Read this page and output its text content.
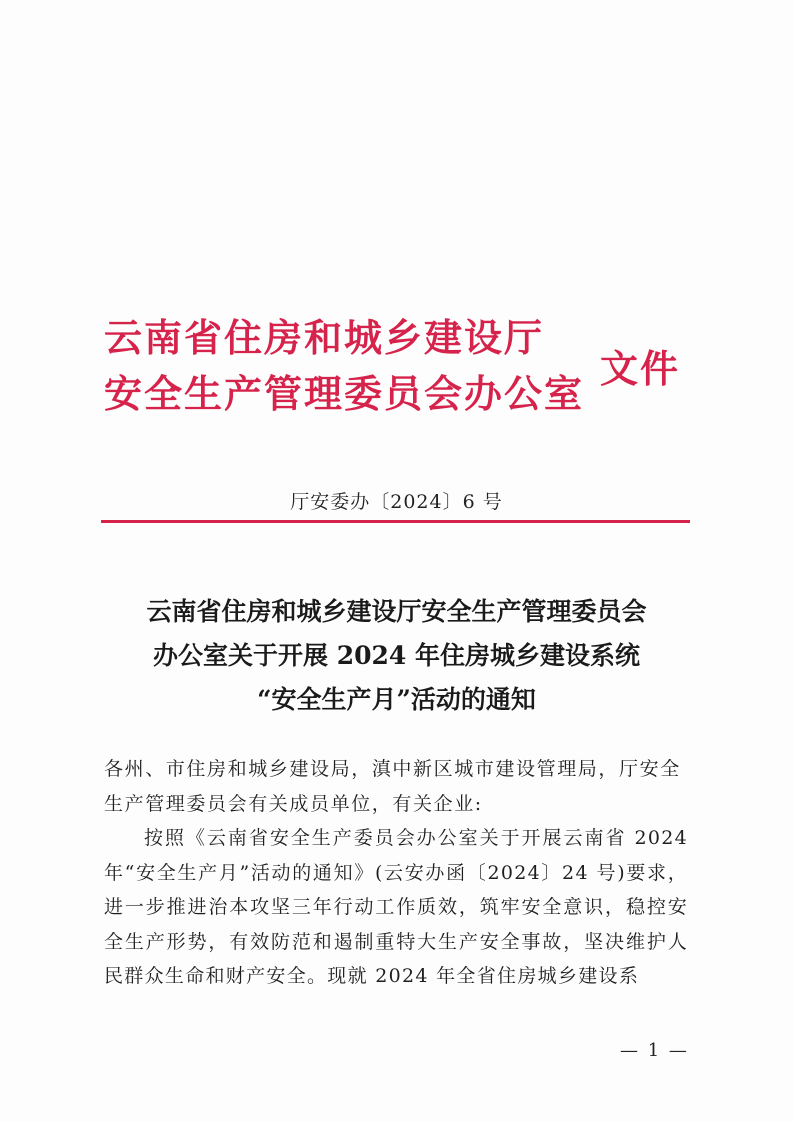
云南省住房和城乡建设厅
安全生产管理委员会办公室
文件
厅安委办〔2024〕6 号
云南省住房和城乡建设厅安全生产管理委员会
办公室关于开展 2024 年住房城乡建设系统
“安全生产月”活动的通知

各州、市住房和城乡建设局，滇中新区城市建设管理局，厅安全生产管理委员会有关成员单位，有关企业:

按照《云南省安全生产委员会办公室关于开展云南省 2024 年“安全生产月”活动的通知》(云安办函〔2024〕24 号)要求，进一步推进治本攻坚三年行动工作质效，筑牢安全意识，稳控安全生产形势，有效防范和遏制重特大生产安全事故，坚决维护人民群众生命和财产安全。现就 2024 年全省住房城乡建设系

— 1 —
